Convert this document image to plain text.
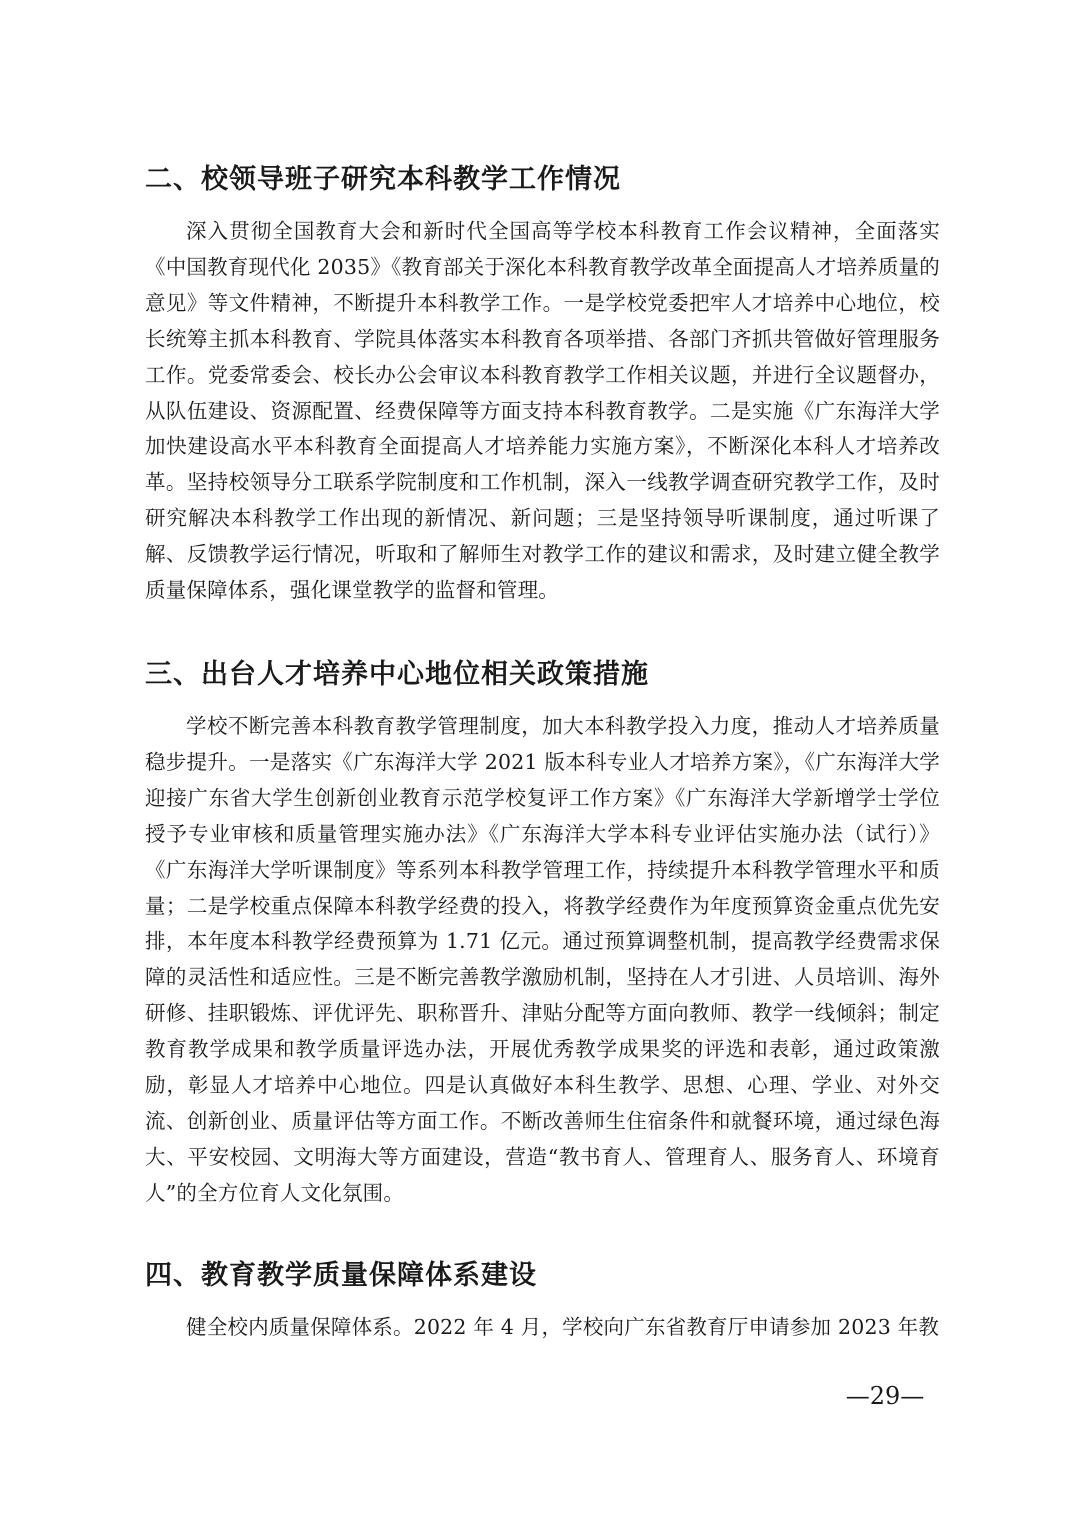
二、校领导班子研究本科教学工作情况

深入贯彻全国教育大会和新时代全国高等学校本科教育工作会议精神，全面落实《中国教育现代化 2035》《教育部关于深化本科教育教学改革全面提高人才培养质量的意见》等文件精神，不断提升本科教学工作。一是学校党委把牢人才培养中心地位，校长统筹主抓本科教育、学院具体落实本科教育各项举措、各部门齐抓共管做好管理服务工作。党委常委会、校长办公会审议本科教育教学工作相关议题，并进行全议题督办，从队伍建设、资源配置、经费保障等方面支持本科教育教学。二是实施《广东海洋大学加快建设高水平本科教育全面提高人才培养能力实施方案》，不断深化本科人才培养改革。坚持校领导分工联系学院制度和工作机制，深入一线教学调查研究教学工作，及时研究解决本科教学工作出现的新情况、新问题；三是坚持领导听课制度，通过听课了解、反馈教学运行情况，听取和了解师生对教学工作的建议和需求，及时建立健全教学质量保障体系，强化课堂教学的监督和管理。

三、出台人才培养中心地位相关政策措施

学校不断完善本科教育教学管理制度，加大本科教学投入力度，推动人才培养质量稳步提升。一是落实《广东海洋大学 2021 版本科专业人才培养方案》，《广东海洋大学迎接广东省大学生创新创业教育示范学校复评工作方案》《广东海洋大学新增学士学位授予专业审核和质量管理实施办法》《广东海洋大学本科专业评估实施办法（试行）》《广东海洋大学听课制度》等系列本科教学管理工作，持续提升本科教学管理水平和质量；二是学校重点保障本科教学经费的投入，将教学经费作为年度预算资金重点优先安排，本年度本科教学经费预算为 1.71 亿元。通过预算调整机制，提高教学经费需求保障的灵活性和适应性。三是不断完善教学激励机制，坚持在人才引进、人员培训、海外研修、挂职锻炼、评优评先、职称晋升、津贴分配等方面向教师、教学一线倾斜；制定教育教学成果和教学质量评选办法，开展优秀教学成果奖的评选和表彰，通过政策激励，彰显人才培养中心地位。四是认真做好本科生教学、思想、心理、学业、对外交流、创新创业、质量评估等方面工作。不断改善师生住宿条件和就餐环境，通过绿色海大、平安校园、文明海大等方面建设，营造“教书育人、管理育人、服务育人、环境育人”的全方位育人文化氛围。

四、教育教学质量保障体系建设

健全校内质量保障体系。2022 年 4 月，学校向广东省教育厅申请参加 2023 年教

—29—
